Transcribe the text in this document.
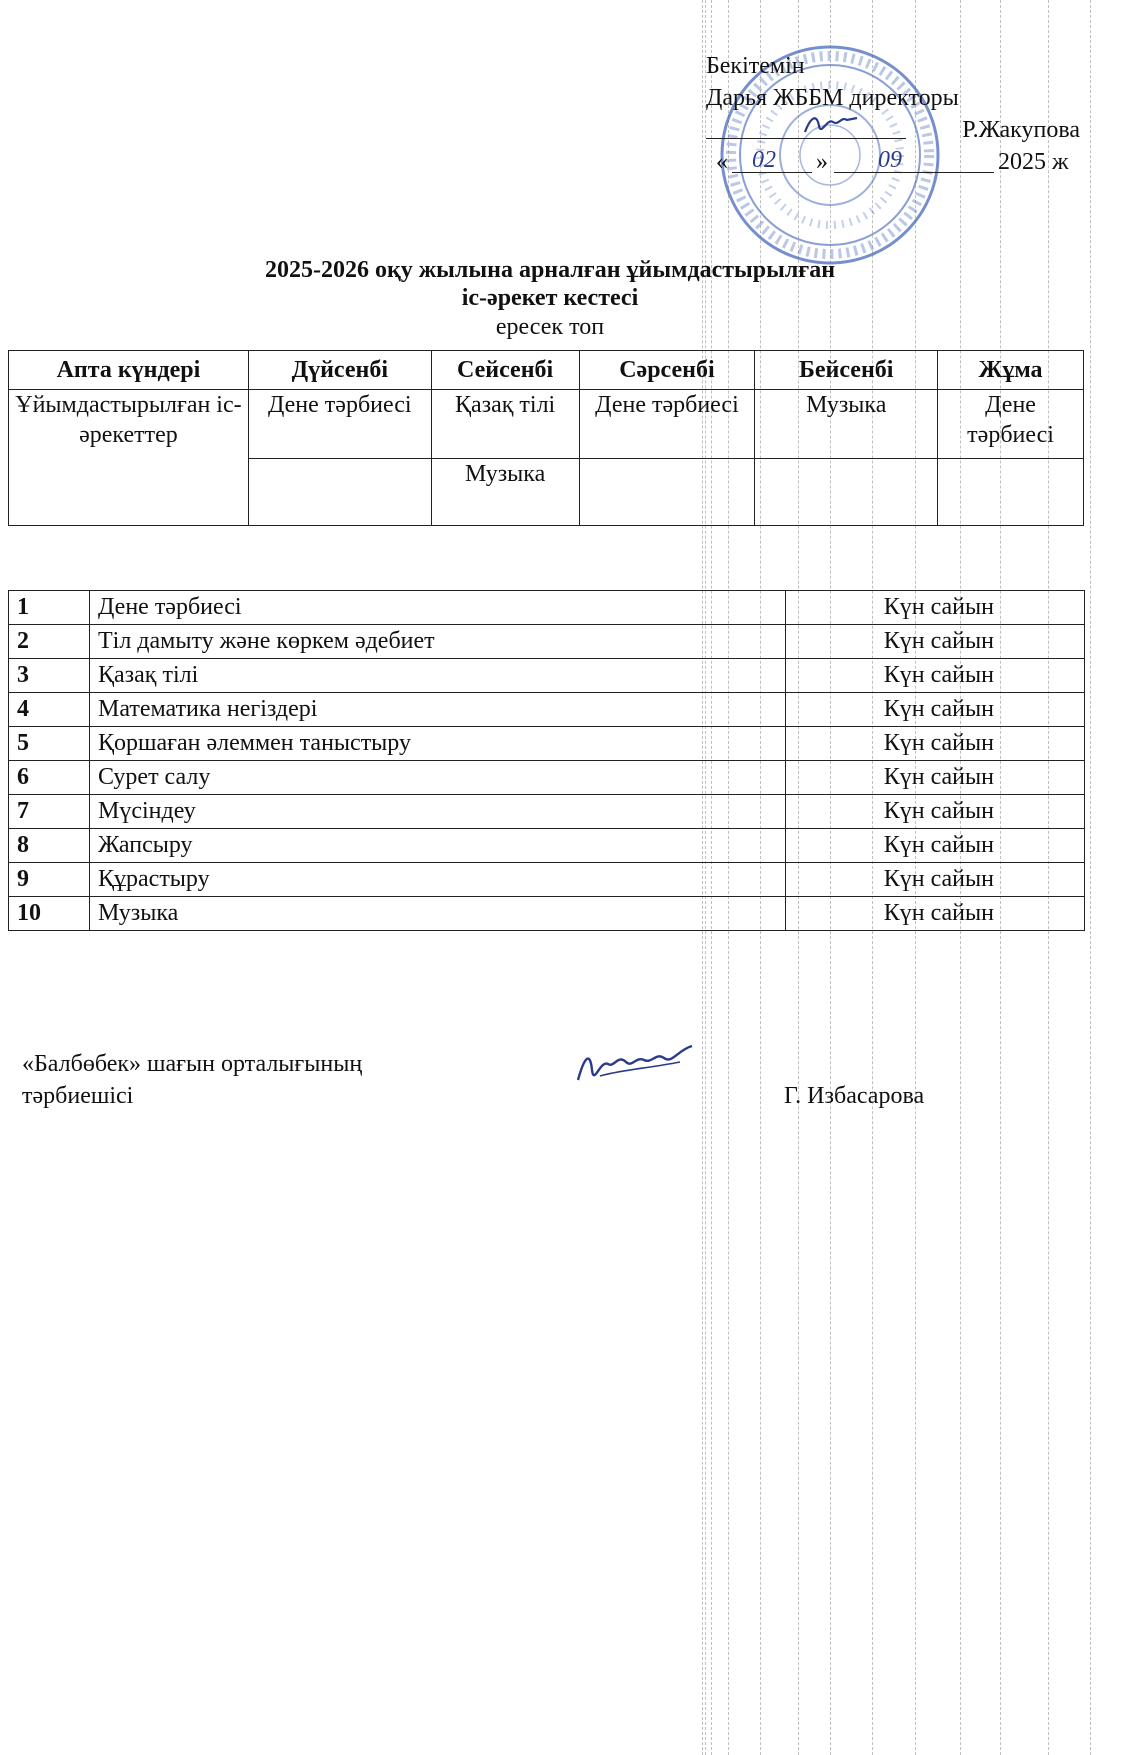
Бекітемін
Дарья ЖББМ директоры
Р.Жакупова
« 02 » 09	2025 ж
2025-2026 оқу жылына арналған ұйымдастырылған
іс-әрекет кестесі
ересек топ
Апта күндері	Дүйсенбі	Сейсенбі	Сәрсенбі	Бейсенбі	Жұма
Ұйымдастырылған іс-әрекеттер	Дене тәрбиесі	Қазақ тілі	Дене тәрбиесі	Музыка	Дене тәрбиесі
		Музыка			
1	Дене тәрбиесі	Күн сайын
2	Тіл дамыту және көркем әдебиет	Күн сайын
3	Қазақ тілі	Күн сайын
4	Математика негіздері	Күн сайын
5	Қоршаған әлеммен таныстыру	Күн сайын
6	Сурет салу	Күн сайын
7	Мүсіндеу	Күн сайын
8	Жапсыру	Күн сайын
9	Құрастыру	Күн сайын
10	Музыка	Күн сайын
«Балбөбек» шағын орталығының
тәрбиешісі	Г. Избасарова
